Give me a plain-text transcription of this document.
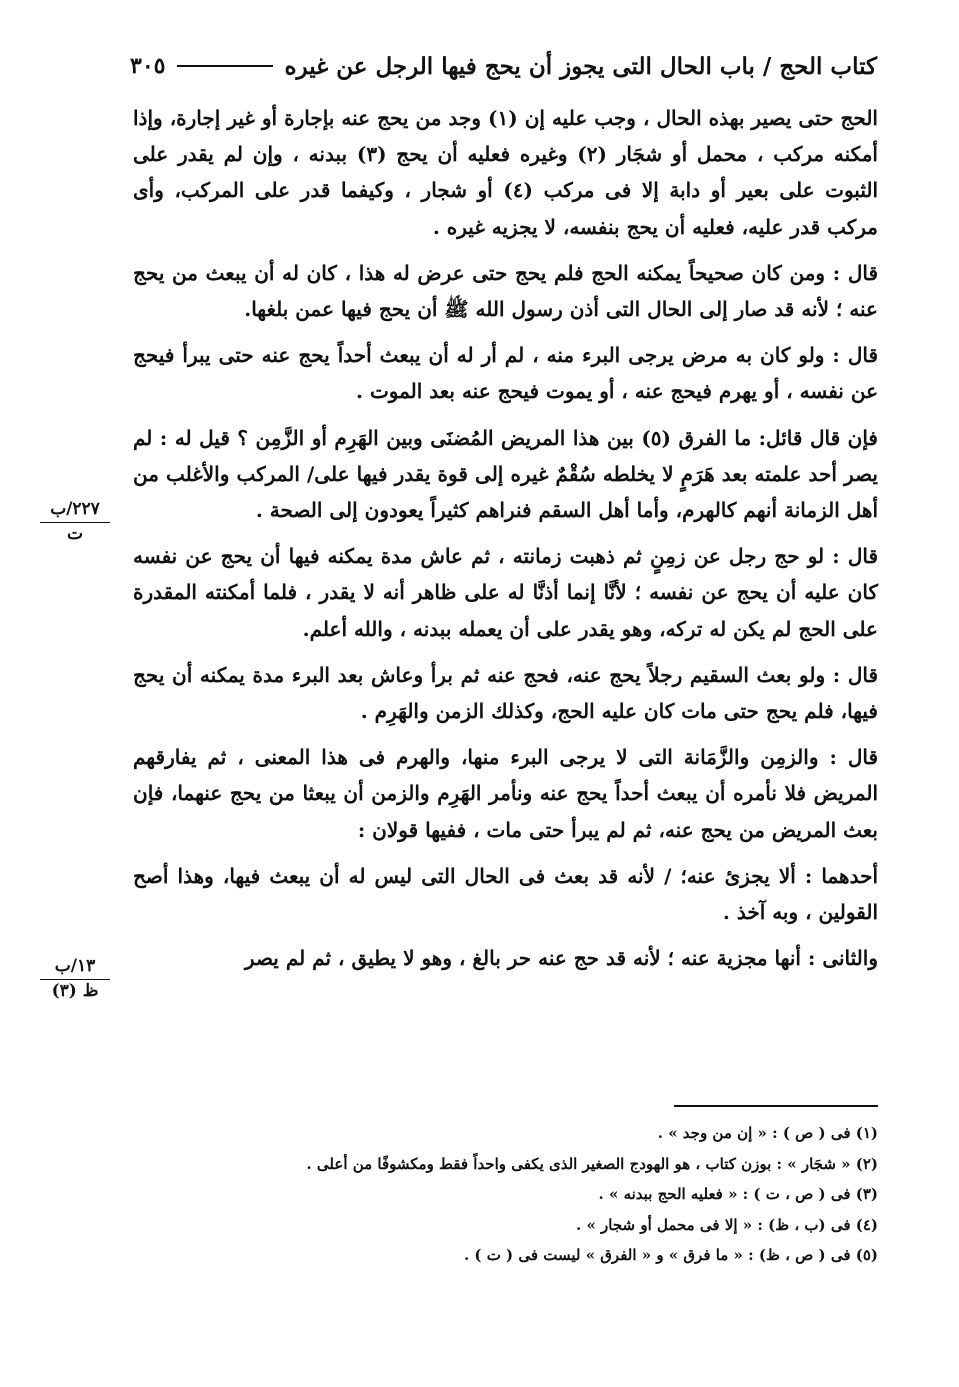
كتاب الحج / باب الحال التى يجوز أن يحج فيها الرجل عن غيره
٣٠٥

الحج حتى يصير بهذه الحال ، وجب عليه إن (١) وجد من يحج عنه بإجارة أو غير إجارة، وإذا أمكنه مركب ، محمل أو شجَار (٢) وغيره فعليه أن يحج (٣) ببدنه ، وإن لم يقدر على الثبوت على بعير أو دابة إلا فى مركب (٤) أو شجار ، وكيفما قدر على المركب، وأى مركب قدر عليه، فعليه أن يحج بنفسه، لا يجزيه غيره .

قال : ومن كان صحيحاً يمكنه الحج فلم يحج حتى عرض له هذا ، كان له أن يبعث من يحج عنه ؛ لأنه قد صار إلى الحال التى أذن رسول الله ﷺ أن يحج فيها عمن بلغها.

قال : ولو كان به مرض يرجى البرء منه ، لم أر له أن يبعث أحداً يحج عنه حتى يبرأ فيحج عن نفسه ، أو يهرم فيحج عنه ، أو يموت فيحج عنه بعد الموت .

فإن قال قائل: ما الفرق (٥) بين هذا المريض المُضنَى وبين الهَرِم أو الزَّمِن ؟ قيل له : لم يصر أحد علمته بعد هَرَمٍ لا يخلطه سُقْمٌ غيره إلى قوة يقدر فيها على/ المركب والأغلب من أهل الزمانة أنهم كالهرم، وأما أهل السقم فنراهم كثيراً يعودون إلى الصحة .

قال : لو حج رجل عن زمِنٍ ثم ذهبت زمانته ، ثم عاش مدة يمكنه فيها أن يحج عن نفسه كان عليه أن يحج عن نفسه ؛ لأنَّا إنما أذنَّا له على ظاهر أنه لا يقدر ، فلما أمكنته المقدرة على الحج لم يكن له تركه، وهو يقدر على أن يعمله ببدنه ، والله أعلم.

قال : ولو بعث السقيم رجلاً يحج عنه، فحج عنه ثم برأ وعاش بعد البرء مدة يمكنه أن يحج فيها، فلم يحج حتى مات كان عليه الحج، وكذلك الزمن والهَرِم .

قال : والزمِن والزَّمَانة التى لا يرجى البرء منها، والهرم فى هذا المعنى ، ثم يفارقهم المريض فلا نأمره أن يبعث أحداً يحج عنه ونأمر الهَرِم والزمن أن يبعثا من يحج عنهما، فإن بعث المريض من يحج عنه، ثم لم يبرأ حتى مات ، ففيها قولان :

أحدهما : ألا يجزئ عنه؛ / لأنه قد بعث فى الحال التى ليس له أن يبعث فيها، وهذا أصح القولين ، وبه آخذ .

والثانى : أنها مجزية عنه ؛ لأنه قد حج عنه حر بالغ ، وهو لا يطيق ، ثم لم يصر

٢٢٧/ب
ت
١٣/ب
ظ (٣)
(١) فى ( ص ) : « إن من وجد » .
(٢) « شجَار » : بوزن كتاب ، هو الهودج الصغير الذى يكفى واحداً فقط ومكشوفًا من أعلى .
(٣) فى ( ص ، ت ) : « فعليه الحج ببدنه » .
(٤) فى (ب ، ظ) : « إلا فى محمل أو شجار » .
(٥) فى ( ص ، ظ) : « ما فرق » و « الفرق » ليست فى ( ت ) .
